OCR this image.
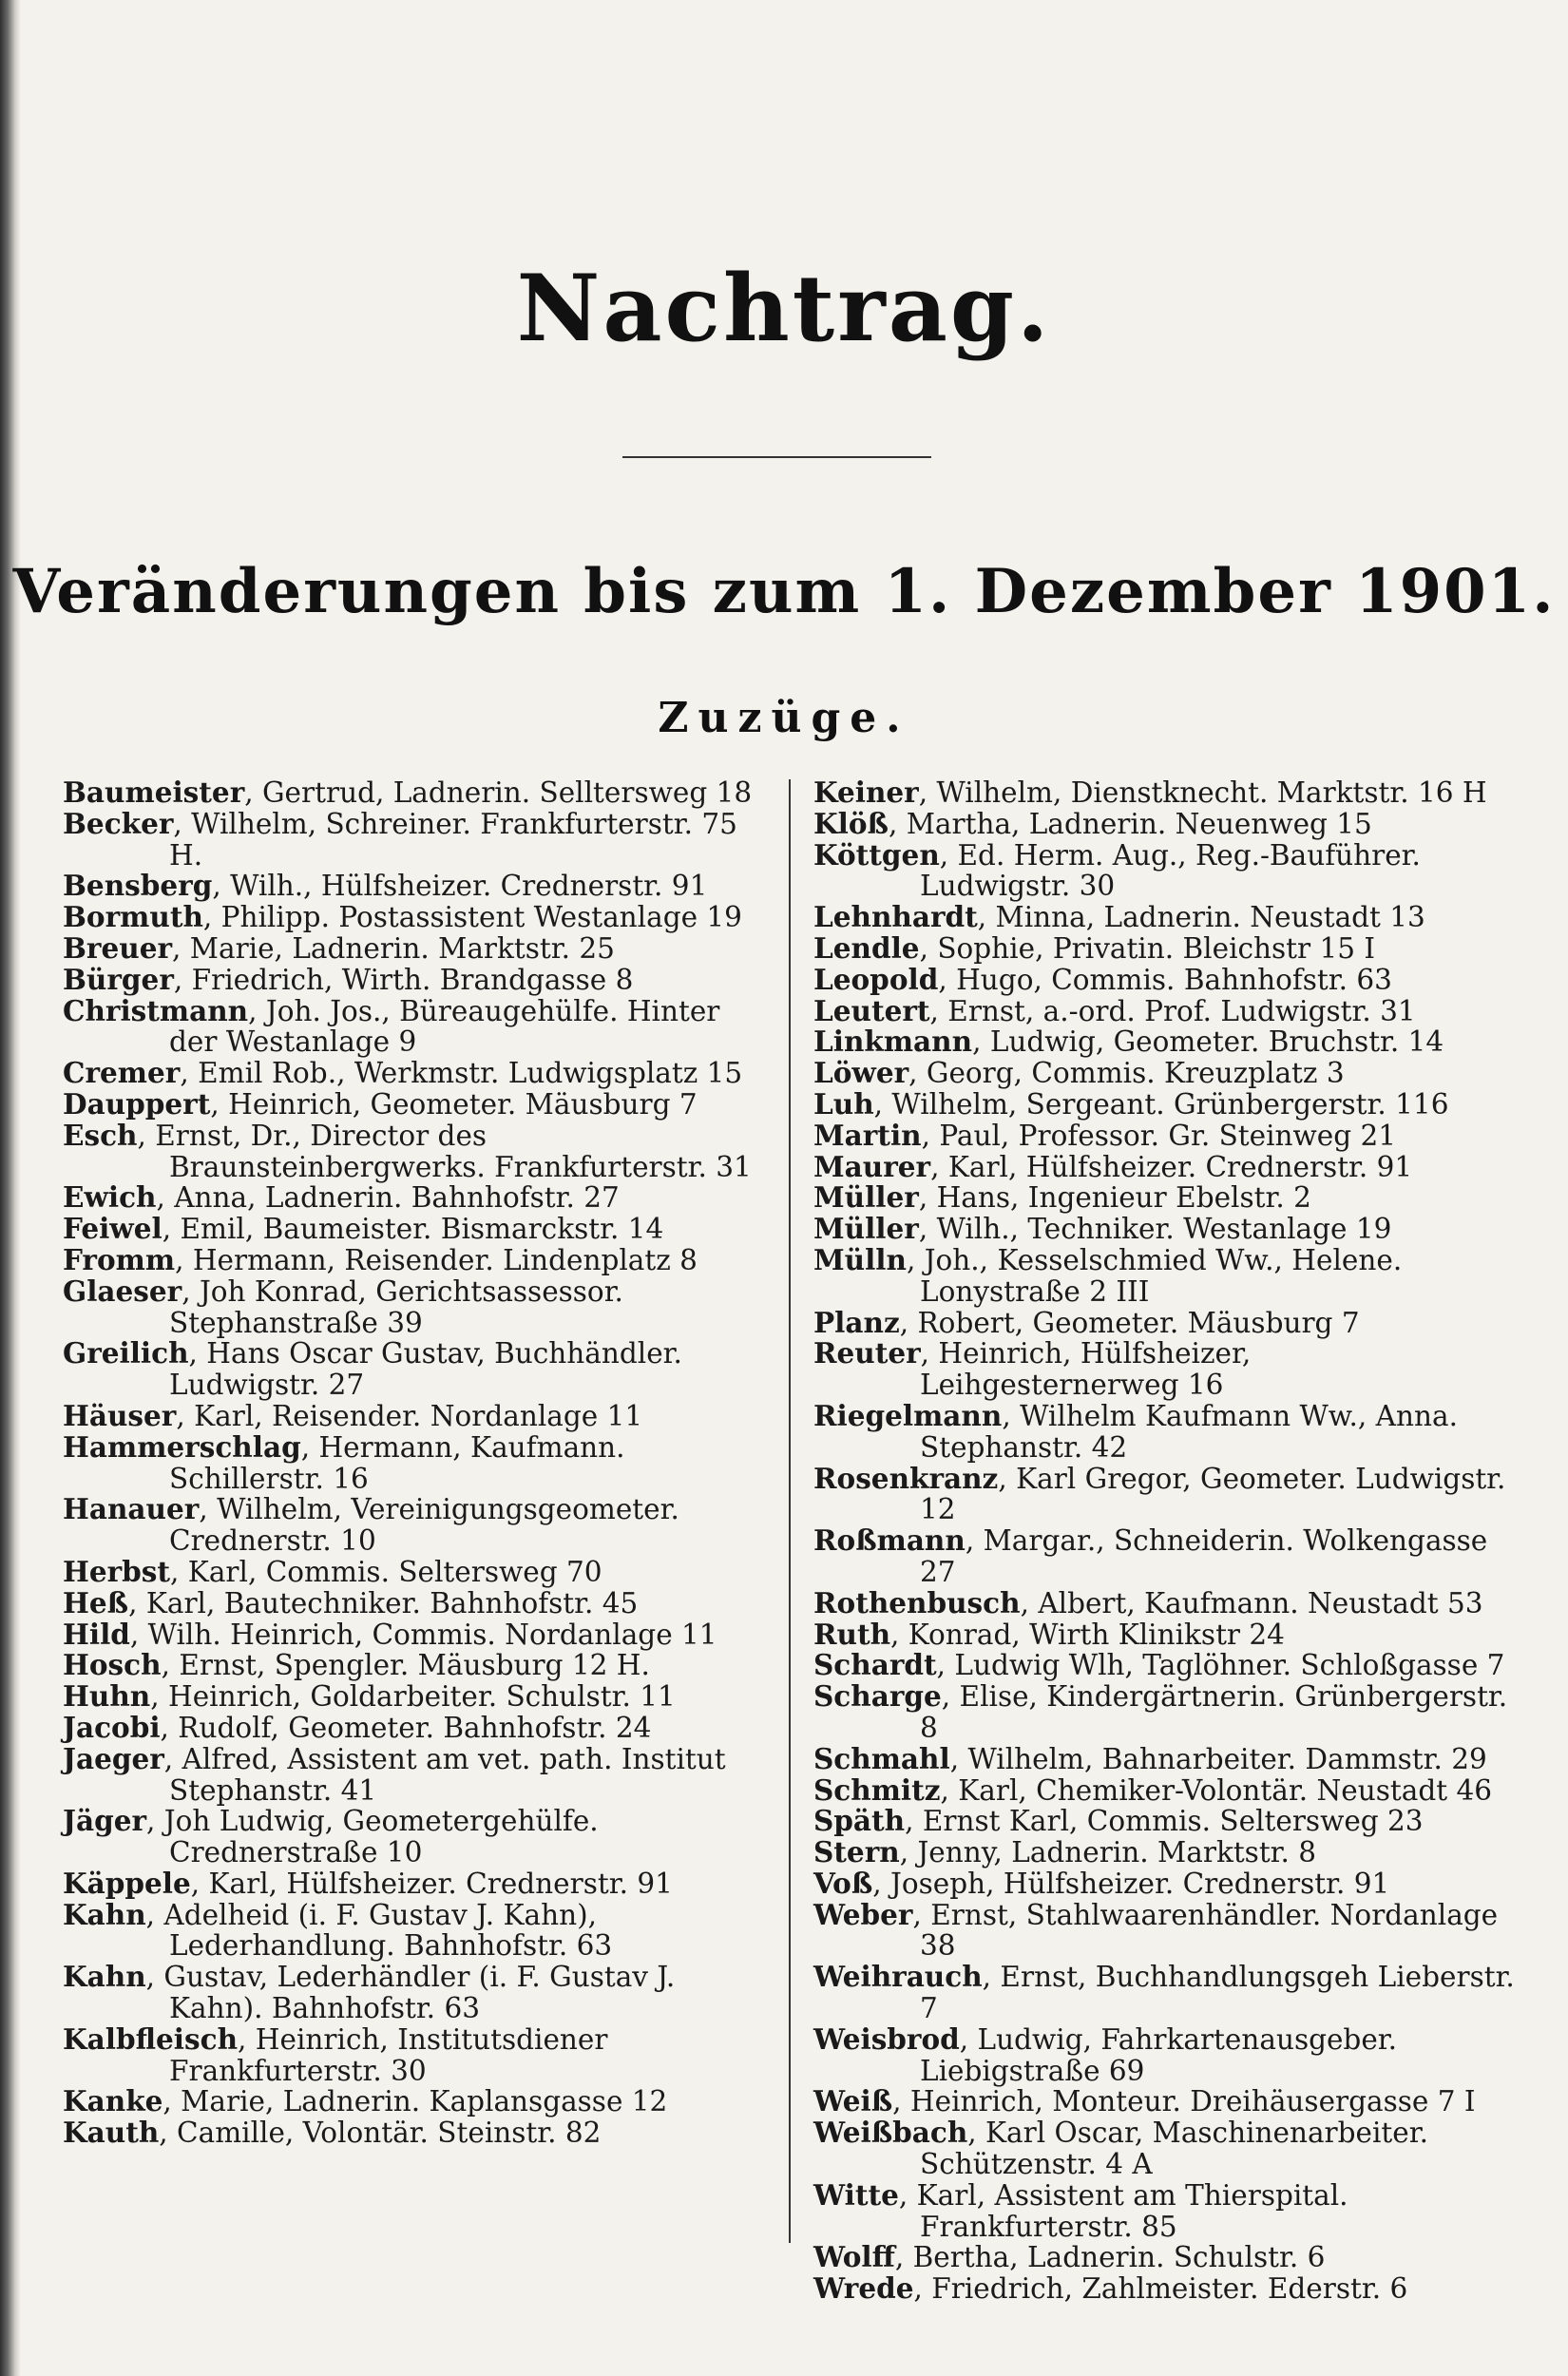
Nachtrag.
Veränderungen bis zum 1. Dezember 1901.
Zuzüge.
Baumeister, Gertrud, Ladnerin. Selltersweg 18
Becker, Wilhelm, Schreiner. Frankfurterstr. 75 H.
Bensberg, Wilh., Hülfsheizer. Crednerstr. 91
Bormuth, Philipp. Postassistent Westanlage 19
Breuer, Marie, Ladnerin. Marktstr. 25
Bürger, Friedrich, Wirth. Brandgasse 8
Christmann, Joh. Jos., Büreaugehülfe. Hinter der Westanlage 9
Cremer, Emil Rob., Werkmstr. Ludwigsplatz 15
Dauppert, Heinrich, Geometer. Mäusburg 7
Esch, Ernst, Dr., Director des Braunsteinbergwerks. Frankfurterstr. 31
Ewich, Anna, Ladnerin. Bahnhofstr. 27
Feiwel, Emil, Baumeister. Bismarckstr. 14
Fromm, Hermann, Reisender. Lindenplatz 8
Glaeser, Joh Konrad, Gerichtsassessor. Stephanstraße 39
Greilich, Hans Oscar Gustav, Buchhändler. Ludwigstr. 27
Häuser, Karl, Reisender. Nordanlage 11
Hammerschlag, Hermann, Kaufmann. Schillerstr. 16
Hanauer, Wilhelm, Vereinigungsgeometer. Crednerstr. 10
Herbst, Karl, Commis. Seltersweg 70
Heß, Karl, Bautechniker. Bahnhofstr. 45
Hild, Wilh. Heinrich, Commis. Nordanlage 11
Hosch, Ernst, Spengler. Mäusburg 12 H.
Huhn, Heinrich, Goldarbeiter. Schulstr. 11
Jacobi, Rudolf, Geometer. Bahnhofstr. 24
Jaeger, Alfred, Assistent am vet. path. Institut Stephanstr. 41
Jäger, Joh Ludwig, Geometergehülfe. Crednerstraße 10
Käppele, Karl, Hülfsheizer. Crednerstr. 91
Kahn, Adelheid (i. F. Gustav J. Kahn), Lederhandlung. Bahnhofstr. 63
Kahn, Gustav, Lederhändler (i. F. Gustav J. Kahn). Bahnhofstr. 63
Kalbfleisch, Heinrich, Institutsdiener Frankfurterstr. 30
Kanke, Marie, Ladnerin. Kaplansgasse 12
Kauth, Camille, Volontär. Steinstr. 82
Keiner, Wilhelm, Dienstknecht. Marktstr. 16 H
Klöß, Martha, Ladnerin. Neuenweg 15
Köttgen, Ed. Herm. Aug., Reg.-Bauführer. Ludwigstr. 30
Lehnhardt, Minna, Ladnerin. Neustadt 13
Lendle, Sophie, Privatin. Bleichstr 15 I
Leopold, Hugo, Commis. Bahnhofstr. 63
Leutert, Ernst, a.-ord. Prof. Ludwigstr. 31
Linkmann, Ludwig, Geometer. Bruchstr. 14
Löwer, Georg, Commis. Kreuzplatz 3
Luh, Wilhelm, Sergeant. Grünbergerstr. 116
Martin, Paul, Professor. Gr. Steinweg 21
Maurer, Karl, Hülfsheizer. Crednerstr. 91
Müller, Hans, Ingenieur Ebelstr. 2
Müller, Wilh., Techniker. Westanlage 19
Mülln, Joh., Kesselschmied Ww., Helene. Lonystraße 2 III
Planz, Robert, Geometer. Mäusburg 7
Reuter, Heinrich, Hülfsheizer, Leihgesternerweg 16
Riegelmann, Wilhelm Kaufmann Ww., Anna. Stephanstr. 42
Rosenkranz, Karl Gregor, Geometer. Ludwigstr. 12
Roßmann, Margar., Schneiderin. Wolkengasse 27
Rothenbusch, Albert, Kaufmann. Neustadt 53
Ruth, Konrad, Wirth Klinikstr 24
Schardt, Ludwig Wlh, Taglöhner. Schloßgasse 7
Scharge, Elise, Kindergärtnerin. Grünbergerstr. 8
Schmahl, Wilhelm, Bahnarbeiter. Dammstr. 29
Schmitz, Karl, Chemiker-Volontär. Neustadt 46
Späth, Ernst Karl, Commis. Seltersweg 23
Stern, Jenny, Ladnerin. Marktstr. 8
Voß, Joseph, Hülfsheizer. Crednerstr. 91
Weber, Ernst, Stahlwaarenhändler. Nordanlage 38
Weihrauch, Ernst, Buchhandlungsgeh Lieberstr. 7
Weisbrod, Ludwig, Fahrkartenausgeber. Liebigstraße 69
Weiß, Heinrich, Monteur. Dreihäusergasse 7 I
Weißbach, Karl Oscar, Maschinenarbeiter. Schützenstr. 4 A
Witte, Karl, Assistent am Thierspital. Frankfurterstr. 85
Wolff, Bertha, Ladnerin. Schulstr. 6
Wrede, Friedrich, Zahlmeister. Ederstr. 6
